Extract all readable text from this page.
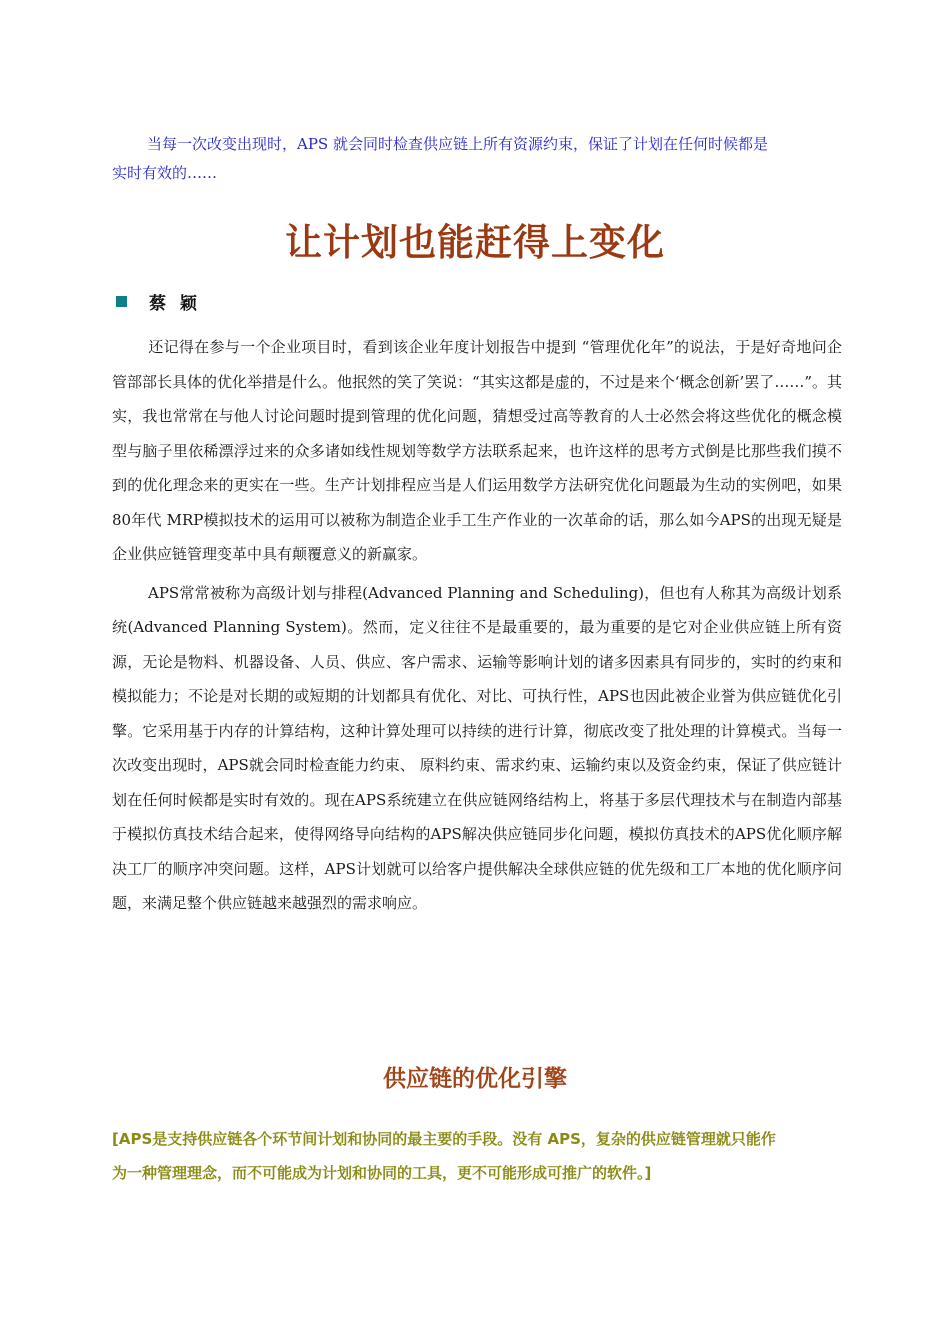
当每一次改变出现时，APS 就会同时检查供应链上所有资源约束，保证了计划在任何时候都是
实时有效的……
让计划也能赶得上变化
蔡 颖

还记得在参与一个企业项目时，看到该企业年度计划报告中提到 “管理优化年”的说法，于是好奇地问企管部部长具体的优化举措是什么。他抿然的笑了笑说：“其实这都是虚的，不过是来个‘概念创新’罢了……”。其实，我也常常在与他人讨论问题时提到管理的优化问题，猜想受过高等教育的人士必然会将这些优化的概念模型与脑子里依稀漂浮过来的众多诸如线性规划等数学方法联系起来，也许这样的思考方式倒是比那些我们摸不到的优化理念来的更实在一些。生产计划排程应当是人们运用数学方法研究优化问题最为生动的实例吧，如果80年代 MRP模拟技术的运用可以被称为制造企业手工生产作业的一次革命的话，那么如今APS的出现无疑是企业供应链管理变革中具有颠覆意义的新赢家。

APS常常被称为高级计划与排程(Advanced Planning and Scheduling)，但也有人称其为高级计划系统(Advanced Planning System)。然而，定义往往不是最重要的，最为重要的是它对企业供应链上所有资源，无论是物料、机器设备、人员、供应、客户需求、运输等影响计划的诸多因素具有同步的，实时的约束和模拟能力；不论是对长期的或短期的计划都具有优化、对比、可执行性，APS也因此被企业誉为供应链优化引擎。它采用基于内存的计算结构，这种计算处理可以持续的进行计算，彻底改变了批处理的计算模式。当每一次改变出现时，APS就会同时检查能力约束、 原料约束、需求约束、运输约束以及资金约束，保证了供应链计划在任何时候都是实时有效的。现在APS系统建立在供应链网络结构上，将基于多层代理技术与在制造内部基于模拟仿真技术结合起来，使得网络导向结构的APS解决供应链同步化问题，模拟仿真技术的APS优化顺序解决工厂的顺序冲突问题。这样，APS计划就可以给客户提供解决全球供应链的优先级和工厂本地的优化顺序问题，来满足整个供应链越来越强烈的需求响应。

供应链的优化引擎
[APS是支持供应链各个环节间计划和协同的最主要的手段。没有 APS，复杂的供应链管理就只能作
为一种管理理念，而不可能成为计划和协同的工具，更不可能形成可推广的软件。]
